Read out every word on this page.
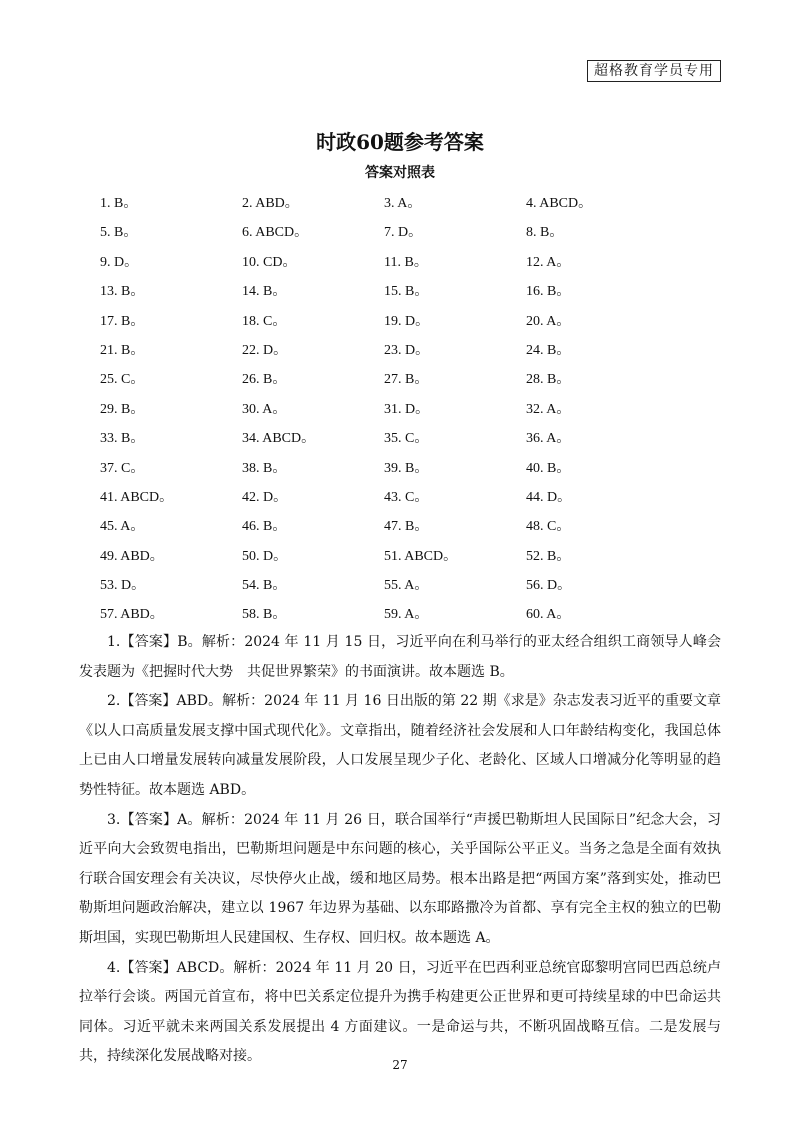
超格教育学员专用
时政60题参考答案
答案对照表
1. B。	2. ABD。	3. A。	4. ABCD。
5. B。	6. ABCD。	7. D。	8. B。
9. D。	10. CD。	11. B。	12. A。
13. B。	14. B。	15. B。	16. B。
17. B。	18. C。	19. D。	20. A。
21. B。	22. D。	23. D。	24. B。
25. C。	26. B。	27. B。	28. B。
29. B。	30. A。	31. D。	32. A。
33. B。	34. ABCD。	35. C。	36. A。
37. C。	38. B。	39. B。	40. B。
41. ABCD。	42. D。	43. C。	44. D。
45. A。	46. B。	47. B。	48. C。
49. ABD。	50. D。	51. ABCD。	52. B。
53. D。	54. B。	55. A。	56. D。
57. ABD。	58. B。	59. A。	60. A。

1.【答案】B。解析：2024 年 11 月 15 日，习近平向在利马举行的亚太经合组织工商领导人峰会发表题为《把握时代大势　共促世界繁荣》的书面演讲。故本题选 B。

2.【答案】ABD。解析：2024 年 11 月 16 日出版的第 22 期《求是》杂志发表习近平的重要文章《以人口高质量发展支撑中国式现代化》。文章指出，随着经济社会发展和人口年龄结构变化，我国总体上已由人口增量发展转向减量发展阶段，人口发展呈现少子化、老龄化、区域人口增减分化等明显的趋势性特征。故本题选 ABD。

3.【答案】A。解析：2024 年 11 月 26 日，联合国举行“声援巴勒斯坦人民国际日”纪念大会，习近平向大会致贺电指出，巴勒斯坦问题是中东问题的核心，关乎国际公平正义。当务之急是全面有效执行联合国安理会有关决议，尽快停火止战，缓和地区局势。根本出路是把“两国方案”落到实处，推动巴勒斯坦问题政治解决，建立以 1967 年边界为基础、以东耶路撒冷为首都、享有完全主权的独立的巴勒斯坦国，实现巴勒斯坦人民建国权、生存权、回归权。故本题选 A。

4.【答案】ABCD。解析：2024 年 11 月 20 日，习近平在巴西利亚总统官邸黎明宫同巴西总统卢拉举行会谈。两国元首宣布，将中巴关系定位提升为携手构建更公正世界和更可持续星球的中巴命运共同体。习近平就未来两国关系发展提出 4 方面建议。一是命运与共，不断巩固战略互信。二是发展与共，持续深化发展战略对接。

27
